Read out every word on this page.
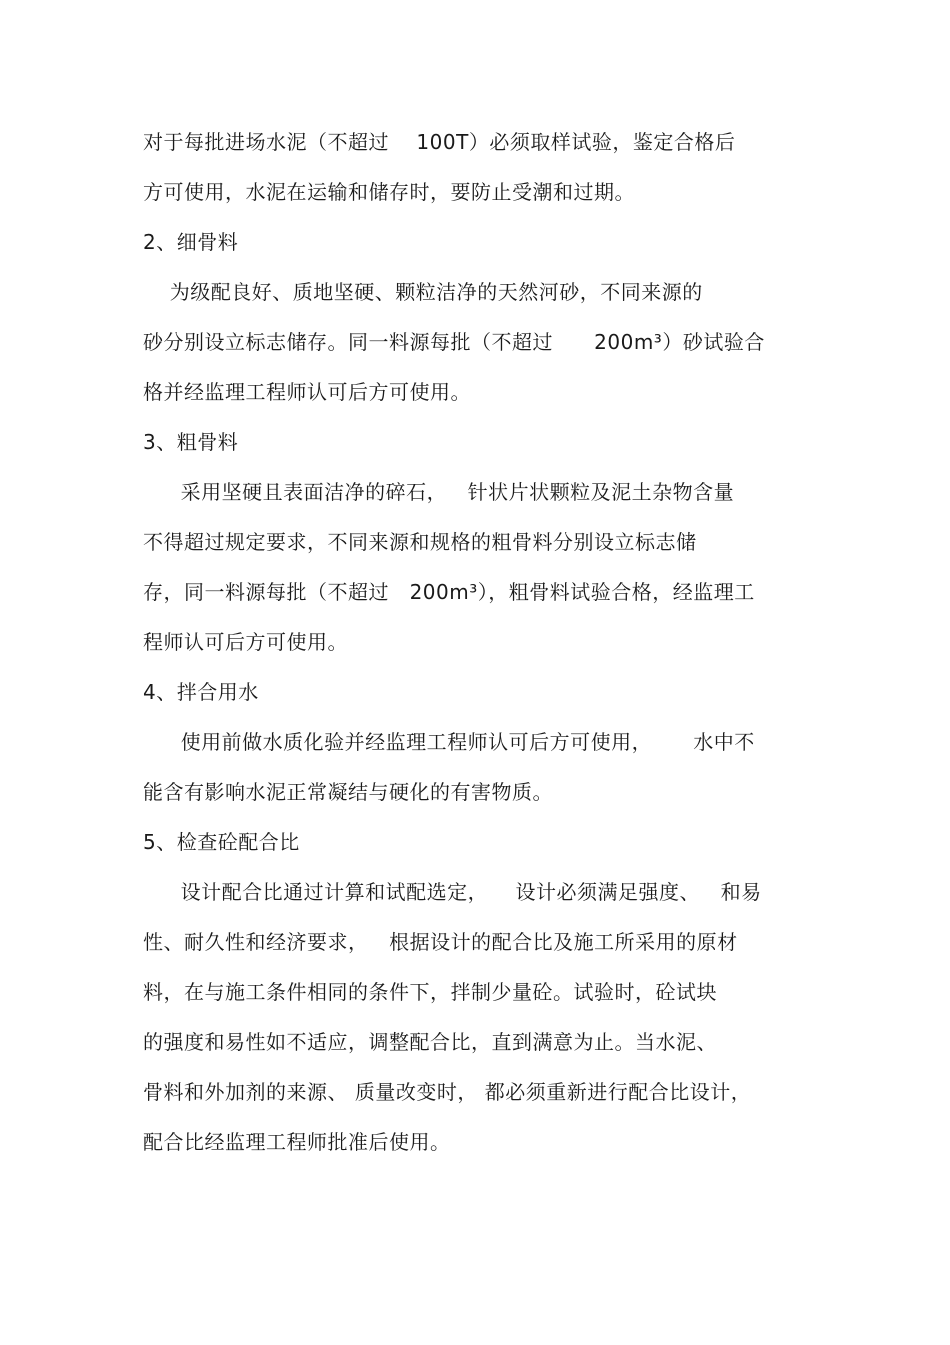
对于每批进场水泥（不超过    100T）必须取样试验，鉴定合格后
方可使用，水泥在运输和储存时，要防止受潮和过期。
2、细骨料
为级配良好、质地坚硬、颗粒洁净的天然河砂，不同来源的
砂分别设立标志储存。同一料源每批（不超过      200m³）砂试验合
格并经监理工程师认可后方可使用。
3、粗骨料
采用坚硬且表面洁净的碎石，   针状片状颗粒及泥土杂物含量
不得超过规定要求，不同来源和规格的粗骨料分别设立标志储
存，同一料源每批（不超过   200m³），粗骨料试验合格，经监理工
程师认可后方可使用。
4、拌合用水
使用前做水质化验并经监理工程师认可后方可使用，      水中不
能含有影响水泥正常凝结与硬化的有害物质。
5、检查砼配合比
设计配合比通过计算和试配选定，    设计必须满足强度、   和易
性、耐久性和经济要求，   根据设计的配合比及施工所采用的原材
料，在与施工条件相同的条件下，拌制少量砼。试验时，砼试块
的强度和易性如不适应，调整配合比，直到满意为止。当水泥、
骨料和外加剂的来源、 质量改变时， 都必须重新进行配合比设计，
配合比经监理工程师批准后使用。
